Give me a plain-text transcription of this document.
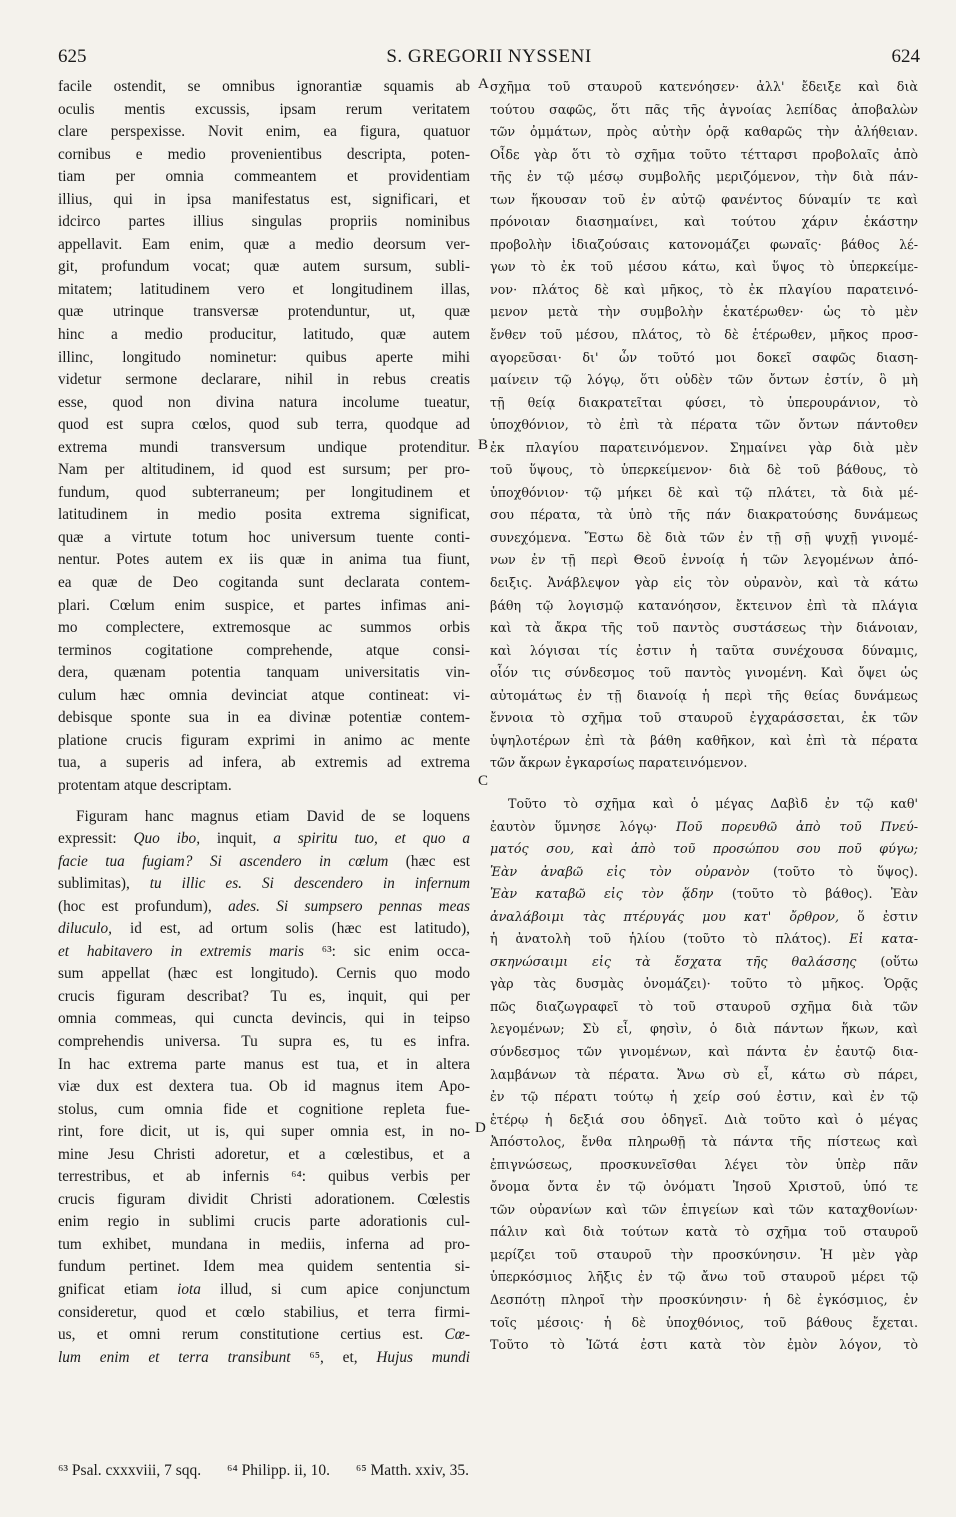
625	S. GREGORII NYSSENI	624
facile ostendit, se omnibus ignorantiæ squamis ab
oculis mentis excussis, ipsam rerum veritatem
clare perspexisse. Novit enim, ea figura, quatuor
cornibus e medio provenientibus descripta, poten-
tiam per omnia commeantem et providentiam
illius, qui in ipsa manifestatus est, significari, et
idcirco partes illius singulas propriis nominibus
appellavit. Eam enim, quæ a medio deorsum ver-
git, profundum vocat; quæ autem sursum, subli-
mitatem; latitudinem vero et longitudinem illas,
quæ utrinque transversæ protenduntur, ut, quæ
hinc a medio producitur, latitudo, quæ autem
illinc, longitudo nominetur: quibus aperte mihi
videtur sermone declarare, nihil in rebus creatis
esse, quod non divina natura incolume tueatur,
quod est supra cœlos, quod sub terra, quodque ad
extrema mundi transversum undique protenditur.
Nam per altitudinem, id quod est sursum; per pro-
fundum, quod subterraneum; per longitudinem et
latitudinem in medio posita extrema significat,
quæ a virtute totum hoc universum tuente conti-
nentur. Potes autem ex iis quæ in anima tua fiunt,
ea quæ de Deo cogitanda sunt declarata contem-
plari. Cœlum enim suspice, et partes infimas ani-
mo complectere, extremosque ac summos orbis
terminos cogitatione comprehende, atque consi-
dera, quænam potentia tanquam universitatis vin-
culum hæc omnia devinciat atque contineat: vi-
debisque sponte sua in ea divinæ potentiæ contem-
platione crucis figuram exprimi in animo ac mente
tua, a superis ad infera, ab extremis ad extrema
protentam atque descriptam.
Figuram hanc magnus etiam David de se loquens
expressit: Quo ibo, inquit, a spiritu tuo, et quo a
facie tua fugiam? Si ascendero in cœlum (hæc est
sublimitas), tu illic es. Si descendero in infernum
(hoc est profundum), ades. Si sumpsero pennas meas
diluculo, id est, ad ortum solis (hæc est latitudo),
et habitavero in extremis maris ⁶³: sic enim occa-
sum appellat (hæc est longitudo). Cernis quo modo
crucis figuram describat? Tu es, inquit, qui per
omnia commeas, qui cuncta devincis, qui in teipso
comprehendis universa. Tu supra es, tu es infra.
In hac extrema parte manus est tua, et in altera
viæ dux est dextera tua. Ob id magnus item Apo-
stolus, cum omnia fide et cognitione repleta fue-
rint, fore dicit, ut is, qui super omnia est, in no-
mine Jesu Christi adoretur, et a cœlestibus, et a
terrestribus, et ab infernis ⁶⁴: quibus verbis per
crucis figuram dividit Christi adorationem. Cœlestis
enim regio in sublimi crucis parte adorationis cul-
tum exhibet, mundana in mediis, inferna ad pro-
fundum pertinet. Idem mea quidem sententia si-
gnificat etiam iota illud, si cum apice conjunctum
consideretur, quod et cœlo stabilius, et terra firmi-
us, et omni rerum constitutione certius est. Cœ-
lum enim et terra transibunt ⁶⁵, et, Hujus mundi
σχῆμα τοῦ σταυροῦ κατενόησεν· ἀλλ' ἔδειξε καὶ διὰ
τούτου σαφῶς, ὅτι πᾶς τῆς ἀγνοίας λεπίδας ἀποβαλὼν
τῶν ὀμμάτων, πρὸς αὐτὴν ὁρᾷ καθαρῶς τὴν ἀλήθειαν.
Οἶδε γὰρ ὅτι τὸ σχῆμα τοῦτο τέτταρσι προβολαῖς ἀπὸ
τῆς ἐν τῷ μέσῳ συμβολῆς μεριζόμενον, τὴν διὰ πάν-
των ἥκουσαν τοῦ ἐν αὐτῷ φανέντος δύναμίν τε καὶ
πρόνοιαν διασημαίνει, καὶ τούτου χάριν ἑκάστην
προβολὴν ἰδιαζούσαις κατονομάζει φωναῖς· βάθος λέ-
γων τὸ ἐκ τοῦ μέσου κάτω, καὶ ὕψος τὸ ὑπερκείμε-
νον· πλάτος δὲ καὶ μῆκος, τὸ ἐκ πλαγίου παρατεινό-
μενον μετὰ τὴν συμβολὴν ἑκατέρωθεν· ὡς τὸ μὲν
ἔνθεν τοῦ μέσου, πλάτος, τὸ δὲ ἑτέρωθεν, μῆκος προσ-
αγορεῦσαι· δι' ὧν τοῦτό μοι δοκεῖ σαφῶς διαση-
μαίνειν τῷ λόγῳ, ὅτι οὐδὲν τῶν ὄντων ἐστίν, ὃ μὴ
τῇ θείᾳ διακρατεῖται φύσει, τὸ ὑπερουράνιον, τὸ
ὑποχθόνιον, τὸ ἐπὶ τὰ πέρατα τῶν ὄντων πάντοθεν
ἐκ πλαγίου παρατεινόμενον. Σημαίνει γὰρ διὰ μὲν
τοῦ ὕψους, τὸ ὑπερκείμενον· διὰ δὲ τοῦ βάθους, τὸ
ὑποχθόνιον· τῷ μήκει δὲ καὶ τῷ πλάτει, τὰ διὰ μέ-
σου πέρατα, τὰ ὑπὸ τῆς πάν διακρατούσης δυνάμεως
συνεχόμενα. Ἔστω δὲ διὰ τῶν ἐν τῇ σῇ ψυχῇ γινομέ-
νων ἐν τῇ περὶ Θεοῦ ἐννοίᾳ ἡ τῶν λεγομένων ἀπό-
δειξις. Ἀνάβλεψον γὰρ εἰς τὸν οὐρανὸν, καὶ τὰ κάτω
βάθη τῷ λογισμῷ κατανόησον, ἔκτεινον ἐπὶ τὰ πλάγια
καὶ τὰ ἄκρα τῆς τοῦ παντὸς συστάσεως τὴν διάνοιαν,
καὶ λόγισαι τίς ἐστιν ἡ ταῦτα συνέχουσα δύναμις,
οἷόν τις σύνδεσμος τοῦ παντὸς γινομένη. Καὶ ὄψει ὡς
αὐτομάτως ἐν τῇ διανοίᾳ ἡ περὶ τῆς θείας δυνάμεως
ἔννοια τὸ σχῆμα τοῦ σταυροῦ ἐγχαράσσεται, ἐκ τῶν
ὑψηλοτέρων ἐπὶ τὰ βάθη καθῆκον, καὶ ἐπὶ τὰ πέρατα
τῶν ἄκρων ἐγκαρσίως παρατεινόμενον.
Τοῦτο τὸ σχῆμα καὶ ὁ μέγας Δαβὶδ ἐν τῷ καθ'
ἑαυτὸν ὕμνησε λόγῳ· Ποῦ πορευθῶ ἀπὸ τοῦ Πνεύ-
ματός σου, καὶ ἀπὸ τοῦ προσώπου σου ποῦ φύγω;
Ἐὰν ἀναβῶ εἰς τὸν οὐρανὸν (τοῦτο τὸ ὕψος).
Ἐὰν καταβῶ εἰς τὸν ᾅδην (τοῦτο τὸ βάθος). Ἐὰν
ἀναλάβοιμι τὰς πτέρυγάς μου κατ' ὄρθρον, ὅ ἐστιν
ἡ ἀνατολὴ τοῦ ἡλίου (τοῦτο τὸ πλάτος). Εἰ κατα-
σκηνώσαιμι εἰς τὰ ἔσχατα τῆς θαλάσσης (οὕτω
γὰρ τὰς δυσμὰς ὀνομάζει)· τοῦτο τὸ μῆκος. Ὁρᾷς
πῶς διαζωγραφεῖ τὸ τοῦ σταυροῦ σχῆμα διὰ τῶν
λεγομένων; Σὺ εἶ, φησὶν, ὁ διὰ πάντων ἥκων, καὶ
σύνδεσμος τῶν γινομένων, καὶ πάντα ἐν ἑαυτῷ δια-
λαμβάνων τὰ πέρατα. Ἄνω σὺ εἶ, κάτω σὺ πάρει,
ἐν τῷ πέρατι τούτῳ ἡ χείρ σού ἐστιν, καὶ ἐν τῷ
ἑτέρῳ ἡ δεξιά σου ὁδηγεῖ. Διὰ τοῦτο καὶ ὁ μέγας
Ἀπόστολος, ἔνθα πληρωθῇ τὰ πάντα τῆς πίστεως καὶ
ἐπιγνώσεως, προσκυνεῖσθαι λέγει τὸν ὑπὲρ πᾶν
ὄνομα ὄντα ἐν τῷ ὀνόματι Ἰησοῦ Χριστοῦ, ὑπό τε
τῶν οὐρανίων καὶ τῶν ἐπιγείων καὶ τῶν καταχθονίων·
πάλιν καὶ διὰ τούτων κατὰ τὸ σχῆμα τοῦ σταυροῦ
μερίζει τοῦ σταυροῦ τὴν προσκύνησιν. Ἡ μὲν γὰρ
ὑπερκόσμιος λῆξις ἐν τῷ ἄνω τοῦ σταυροῦ μέρει τῷ
Δεσπότῃ πληροῖ τὴν προσκύνησιν· ἡ δὲ ἐγκόσμιος, ἐν
τοῖς μέσοις· ἡ δὲ ὑποχθόνιος, τοῦ βάθους ἔχεται.
Τοῦτο τὸ Ἰῶτά ἐστι κατὰ τὸν ἐμὸν λόγον, τὸ
A
B
C
D
⁶³ Psal. cxxxviii, 7 sqq. ⁶⁴ Philipp. ii, 10. ⁶⁵ Matth. xxiv, 35.
